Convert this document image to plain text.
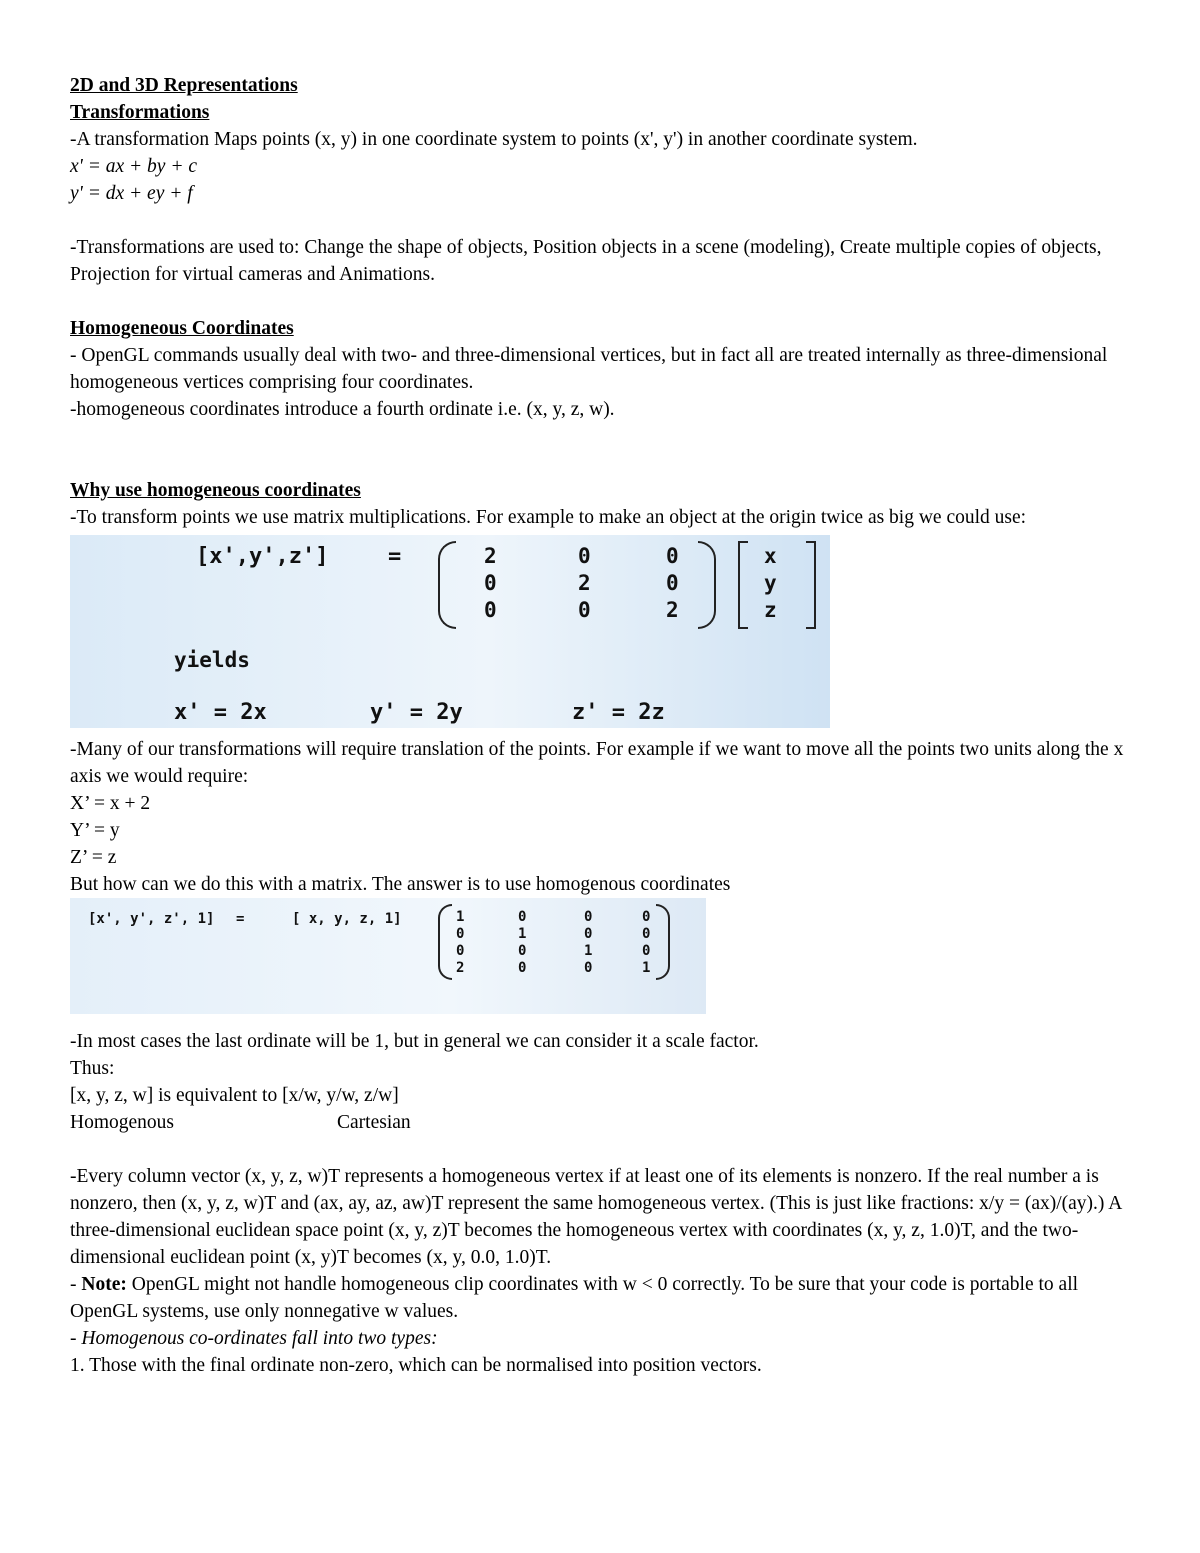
2D and 3D Representations
Transformations
-A transformation Maps points (x, y) in one coordinate system to points (x', y') in another coordinate system.
x' = ax + by + c
y' = dx + ey + f
-Transformations are used to: Change the shape of objects, Position objects in a scene (modeling), Create multiple copies of objects, Projection for virtual cameras and Animations.
Homogeneous Coordinates
- OpenGL commands usually deal with two- and three-dimensional vertices, but in fact all are treated internally as three-dimensional homogeneous vertices comprising four coordinates.
-homogeneous coordinates introduce a fourth ordinate i.e. (x, y, z, w).
Why use homogeneous coordinates
-To transform points we use matrix multiplications. For example to make an object at the origin twice as big we could use:
[x',y',z']	=	2	0	0
0	2	0
0	0	2
x
y
z
yields
x' = 2x	y' = 2y	z' = 2z
-Many of our transformations will require translation of the points. For example if we want to move all the points two units along the x axis we would require:
X’ = x + 2
Y’ = y
Z’ = z
But how can we do this with a matrix. The answer is to use homogenous coordinates
[x', y', z', 1] =	[ x, y, z, 1]	1	0	0	0
0	1	0	0
0	0	1	0
2	0	0	1
-In most cases the last ordinate will be 1, but in general we can consider it a scale factor.
Thus:
[x, y, z, w] is equivalent to [x/w, y/w, z/w]
Homogenous	Cartesian
-Every column vector (x, y, z, w)T represents a homogeneous vertex if at least one of its elements is nonzero. If the real number a is nonzero, then (x, y, z, w)T and (ax, ay, az, aw)T represent the same homogeneous vertex. (This is just like fractions: x/y = (ax)/(ay).) A three-dimensional euclidean space point (x, y, z)T becomes the homogeneous vertex with coordinates (x, y, z, 1.0)T, and the two-dimensional euclidean point (x, y)T becomes (x, y, 0.0, 1.0)T.
- Note: OpenGL might not handle homogeneous clip coordinates with w < 0 correctly. To be sure that your code is portable to all OpenGL systems, use only nonnegative w values.
- Homogenous co-ordinates fall into two types:
1. Those with the final ordinate non-zero, which can be normalised into position vectors.
